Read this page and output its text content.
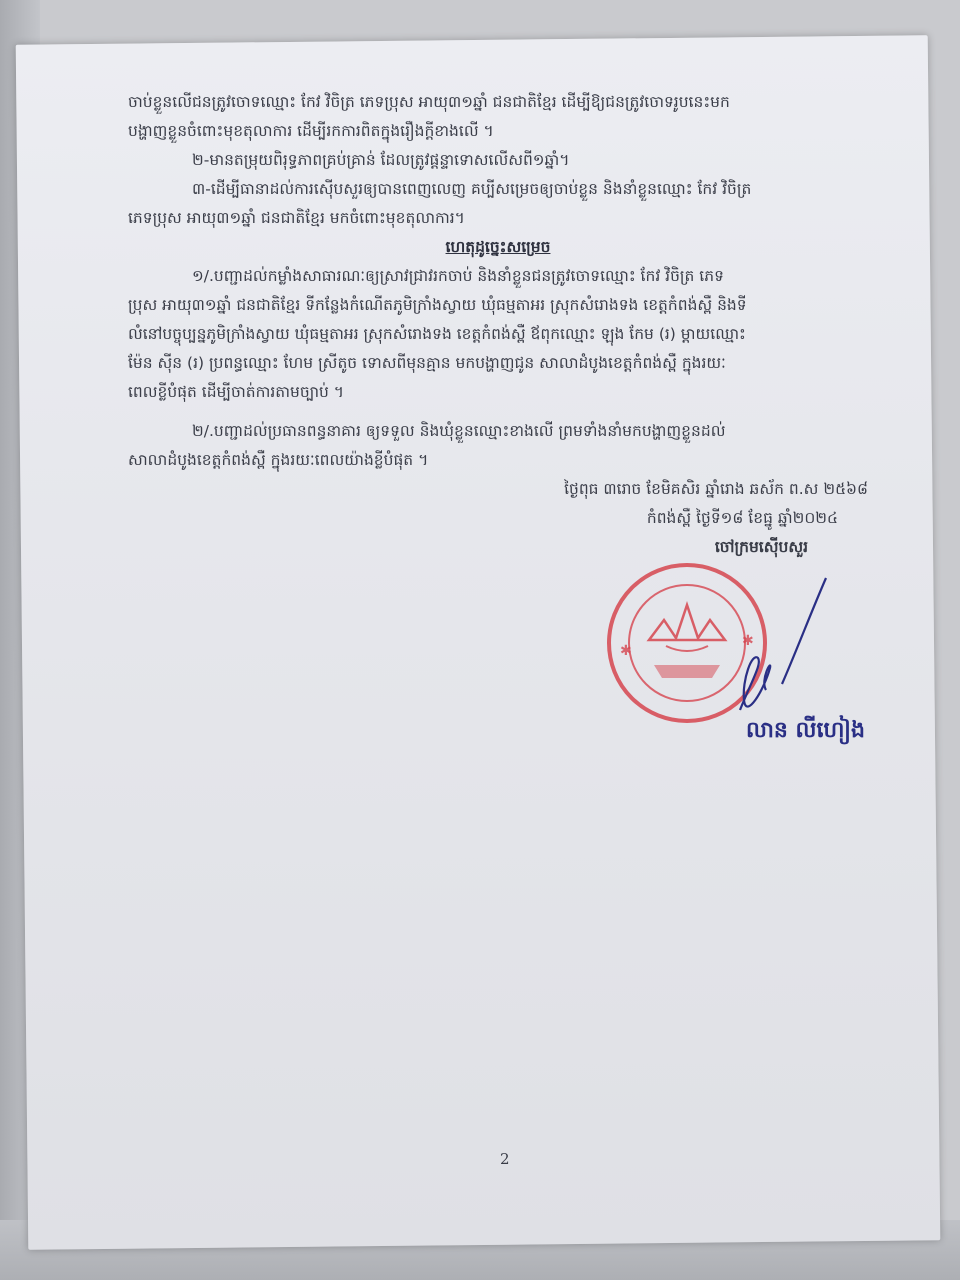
ចាប់ខ្លួនលើជនត្រូវចោទឈ្មោះ កែវ វិចិត្រ ភេទប្រុស អាយុ៣១ឆ្នាំ ជនជាតិខ្មែរ ដើម្បីឱ្យជនត្រូវចោទរូបនេះមក
បង្ហាញខ្លួនចំពោះមុខតុលាការ ដើម្បីរកការពិតក្នុងរឿងក្តីខាងលើ ។
២-មានតម្រុយពិរុទ្ធភាពគ្រប់គ្រាន់ ដែលត្រូវផ្តន្ទាទោសលើសពី១ឆ្នាំ។
៣-ដើម្បីធានាដល់ការស៊ើបសួរឲ្យបានពេញលេញ គប្បីសម្រេចឲ្យចាប់ខ្លួន និងនាំខ្លួនឈ្មោះ កែវ វិចិត្រ
ភេទប្រុស អាយុ៣១ឆ្នាំ ជនជាតិខ្មែរ មកចំពោះមុខតុលាការ។
ហេតុដូច្នេះសម្រេច
១/.បញ្ជាដល់កម្លាំងសាធារណៈឲ្យស្រាវជ្រាវរកចាប់ និងនាំខ្លួនជនត្រូវចោទឈ្មោះ កែវ វិចិត្រ ភេទ
ប្រុស អាយុ៣១ឆ្នាំ ជនជាតិខ្មែរ ទីកន្លែងកំណើតភូមិក្រាំងស្វាយ ឃុំធម្មតាអរ ស្រុកសំរោងទង ខេត្តកំពង់ស្ពឺ និងទី
លំនៅបច្ចុប្បន្នភូមិក្រាំងស្វាយ ឃុំធម្មតាអរ ស្រុកសំរោងទង ខេត្តកំពង់ស្ពឺ ឪពុកឈ្មោះ ឡុង កែម (រ) ម្តាយឈ្មោះ
ម៉ែន ស៊ីន (រ) ប្រពន្ធឈ្មោះ ហែម ស្រីតូច ទោសពីមុនគ្មាន មកបង្ហាញជូន សាលាដំបូងខេត្តកំពង់ស្ពឺ ក្នុងរយៈ
ពេលខ្លីបំផុត ដើម្បីចាត់ការតាមច្បាប់ ។
២/.បញ្ជាដល់ប្រធានពន្ធនាគារ ឲ្យទទួល និងឃុំខ្លួនឈ្មោះខាងលើ ព្រមទាំងនាំមកបង្ហាញខ្លួនដល់
សាលាដំបូងខេត្តកំពង់ស្ពឺ ក្នុងរយៈពេលយ៉ាងខ្លីបំផុត ។
ថ្ងៃពុធ ៣រោច ខែមិគសិរ ឆ្នាំរោង ឆស័ក ព.ស ២៥៦៨
កំពង់ស្ពឺ ថ្ងៃទី១៨ ខែធ្នូ ឆ្នាំ២០២៤
ចៅក្រមស៊ើបសួរ
✱
✱
លាន លីហៀង
2
